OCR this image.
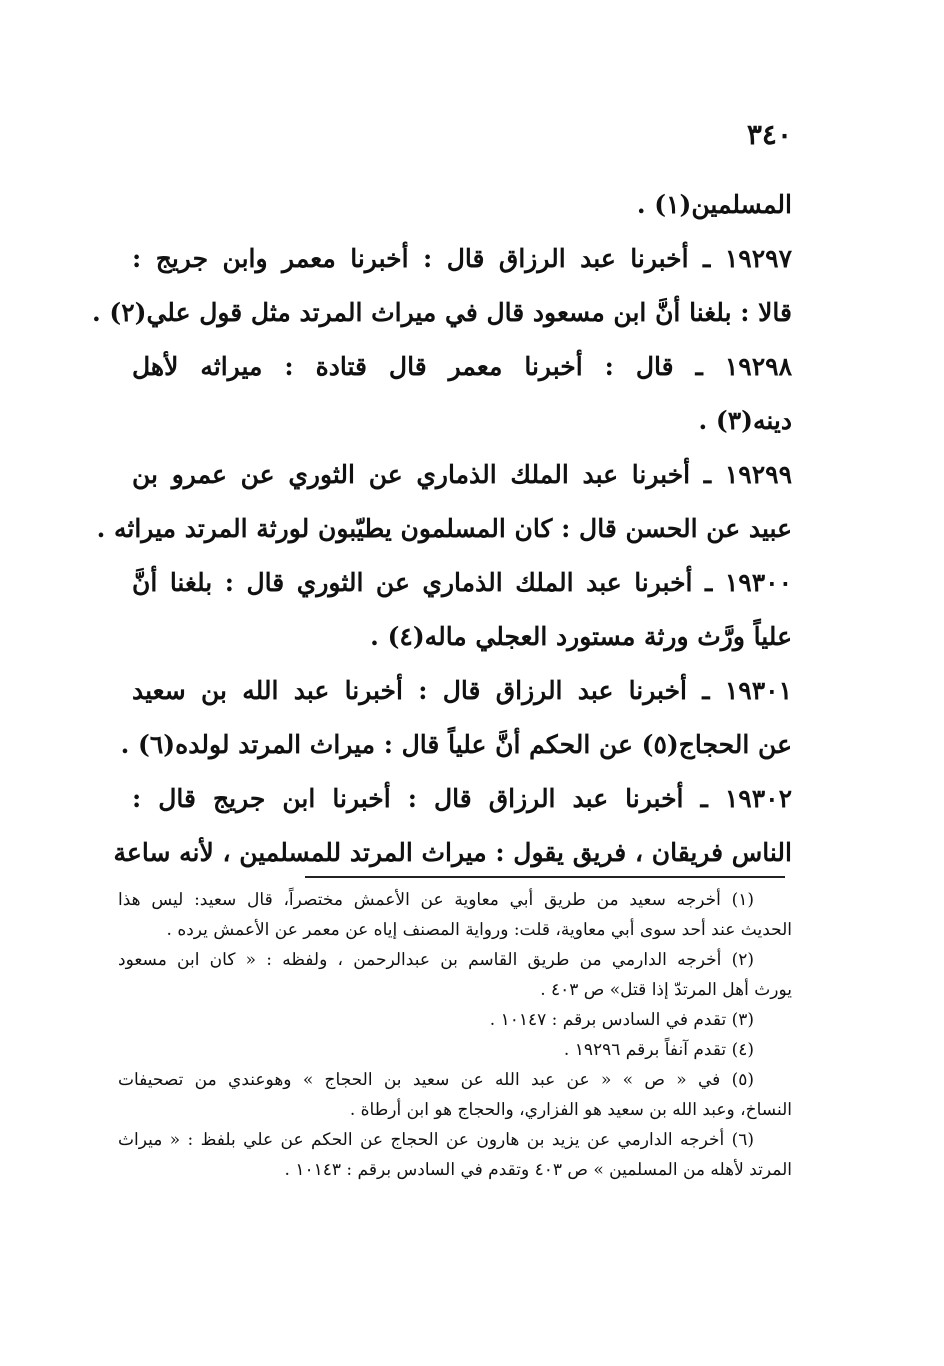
٣٤٠
المسلمين(١) .
١٩٢٩٧ ـ أخبرنا عبد الرزاق قال : أخبرنا معمر وابن جريج :
قالا : بلغنا أنَّ ابن مسعود قال في ميراث المرتد مثل قول علي(٢) .
١٩٢٩٨ ـ قال : أخبرنا معمر قال قتادة : ميراثه لأهل
دينه(٣) .
١٩٢٩٩ ـ أخبرنا عبد الملك الذماري عن الثوري عن عمرو بن
عبيد عن الحسن قال : كان المسلمون يطيّبون لورثة المرتد ميراثه .
١٩٣٠٠ ـ أخبرنا عبد الملك الذماري عن الثوري قال : بلغنا أنَّ
علياً ورَّث ورثة مستورد العجلي ماله(٤) .
١٩٣٠١ ـ أخبرنا عبد الرزاق قال : أخبرنا عبد الله بن سعيد
عن الحجاج(٥) عن الحكم أنَّ علياً قال : ميراث المرتد لولده(٦) .
١٩٣٠٢ ـ أخبرنا عبد الرزاق قال : أخبرنا ابن جريج قال :
الناس فريقان ، فريق يقول : ميراث المرتد للمسلمين ، لأنه ساعة
(١) أخرجه سعيد من طريق أبي معاوية عن الأعمش مختصراً، قال سعيد: ليس هذا
الحديث عند أحد سوى أبي معاوية، قلت: ورواية المصنف إياه عن معمر عن الأعمش يرده .
(٢) أخرجه الدارمي من طريق القاسم بن عبدالرحمن ، ولفظه : « كان ابن مسعود
يورث أهل المرتدّ إذا قتل» ص ٤٠٣ .
(٣) تقدم في السادس برقم : ١٠١٤٧ .
(٤) تقدم آنفاً برقم ١٩٢٩٦ .
(٥) في « ص » « عن عبد الله عن سعيد بن الحجاج » وهوعندي من تصحيفات
النساخ، وعبد الله بن سعيد هو الفزاري، والحجاج هو ابن أرطاة .
(٦) أخرجه الدارمي عن يزيد بن هارون عن الحجاج عن الحكم عن علي بلفظ : « ميراث
المرتد لأهله من المسلمين » ص ٤٠٣ وتقدم في السادس برقم : ١٠١٤٣ .
